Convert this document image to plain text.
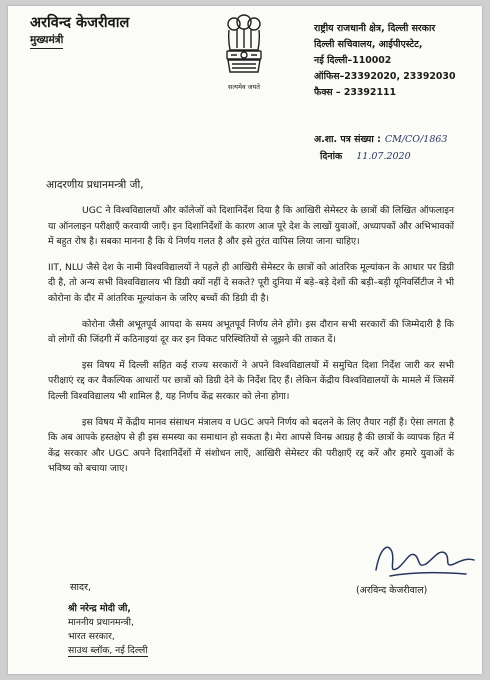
अरविन्द केजरीवाल
मुख्यमंत्री
सत्यमेव जयते
राष्ट्रीय राजधानी क्षेत्र, दिल्ली सरकार
दिल्ली सचिवालय, आईपीएस्टेट,
नई दिल्ली–110002
ऑफिस–23392020, 23392030
फैक्स – 23392111
अ.शा. पत्र संख्या : CM/CO/1863
दिनांक 11.07.2020
आदरणीय प्रधानमन्त्री जी,

UGC ने विश्वविद्यालयों और कॉलेजों को दिशानिर्देश दिया है कि आखिरी सेमेस्टर के छात्रों की लिखित ऑफलाइन या ऑनलाइन परीक्षाएँ करवायी जाएँ। इन दिशानिर्देशों के कारण आज पूरे देश के लाखों युवाओं, अध्यापकों और अभिभावकों में बहुत रोष है। सबका मानना है कि ये निर्णय गलत है और इसे तुरंत वापिस लिया जाना चाहिए।

IIT, NLU जैसे देश के नामी विश्वविद्यालयों ने पहले ही आखिरी सेमेस्टर के छात्रों को आंतरिक मूल्यांकन के आधार पर डिग्री दी है, तो अन्य सभी विश्वविद्यालय भी डिग्री क्यों नहीं दे सकते? पूरी दुनिया में बड़े–बड़े देशों की बड़ी–बड़ी यूनिवर्सिटीज ने भी कोरोना के दौर में आंतरिक मूल्यांकन के जरिए बच्चों की डिग्री दी है।

कोरोना जैसी अभूतपूर्व आपदा के समय अभूतपूर्व निर्णय लेने होंगे। इस दौरान सभी सरकारों की जिम्मेदारी है कि वो लोगों की जिंदगी में कठिनाइयां दूर कर इन विकट परिस्थितियों से जूझने की ताकत दें।

इस विषय में दिल्ली सहित कई राज्य सरकारों ने अपने विश्वविद्यालयों में समुचित दिशा निर्देश जारी कर सभी परीक्षाएं रद्द कर वैकल्पिक आधारों पर छात्रों को डिग्री देने के निर्देश दिए हैं। लेकिन केंद्रीय विश्वविद्यालयों के मामले में जिसमें दिल्ली विश्वविद्यालय भी शामिल है, यह निर्णय केंद्र सरकार को लेना होगा।

इस विषय में केंद्रीय मानव संसाधन मंत्रालय व UGC अपने निर्णय को बदलने के लिए तैयार नहीं हैं। ऐसा लगता है कि अब आपके हस्तक्षेप से ही इस समस्या का समाधान हो सकता है। मेरा आपसे विनम्र आग्रह है की छात्रों के व्यापक हित में केंद्र सरकार और UGC अपने दिशानिर्देशों में संशोधन लाएँ, आखिरी सेमेस्टर की परीक्षाएँ रद्द करें और हमारे युवाओं के भविष्य को बचाया जाए।

सादर,	(अरविन्द केजरीवाल)
श्री नरेन्द्र मोदी जी,
माननीय प्रधानमन्त्री,
भारत सरकार,
साउथ ब्लॉक, नई दिल्ली
